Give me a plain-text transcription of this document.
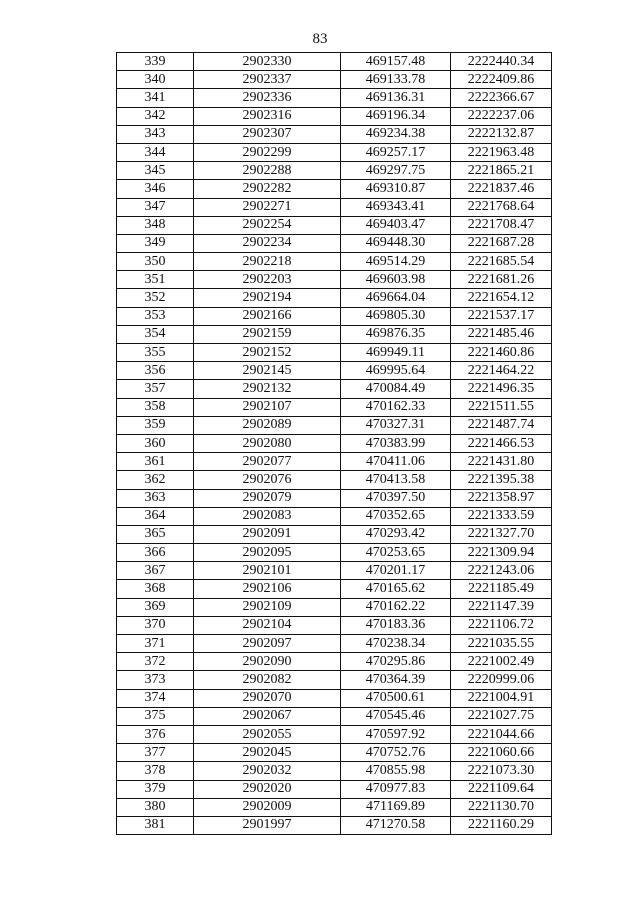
83
339	2902330	469157.48	2222440.34
340	2902337	469133.78	2222409.86
341	2902336	469136.31	2222366.67
342	2902316	469196.34	2222237.06
343	2902307	469234.38	2222132.87
344	2902299	469257.17	2221963.48
345	2902288	469297.75	2221865.21
346	2902282	469310.87	2221837.46
347	2902271	469343.41	2221768.64
348	2902254	469403.47	2221708.47
349	2902234	469448.30	2221687.28
350	2902218	469514.29	2221685.54
351	2902203	469603.98	2221681.26
352	2902194	469664.04	2221654.12
353	2902166	469805.30	2221537.17
354	2902159	469876.35	2221485.46
355	2902152	469949.11	2221460.86
356	2902145	469995.64	2221464.22
357	2902132	470084.49	2221496.35
358	2902107	470162.33	2221511.55
359	2902089	470327.31	2221487.74
360	2902080	470383.99	2221466.53
361	2902077	470411.06	2221431.80
362	2902076	470413.58	2221395.38
363	2902079	470397.50	2221358.97
364	2902083	470352.65	2221333.59
365	2902091	470293.42	2221327.70
366	2902095	470253.65	2221309.94
367	2902101	470201.17	2221243.06
368	2902106	470165.62	2221185.49
369	2902109	470162.22	2221147.39
370	2902104	470183.36	2221106.72
371	2902097	470238.34	2221035.55
372	2902090	470295.86	2221002.49
373	2902082	470364.39	2220999.06
374	2902070	470500.61	2221004.91
375	2902067	470545.46	2221027.75
376	2902055	470597.92	2221044.66
377	2902045	470752.76	2221060.66
378	2902032	470855.98	2221073.30
379	2902020	470977.83	2221109.64
380	2902009	471169.89	2221130.70
381	2901997	471270.58	2221160.29
